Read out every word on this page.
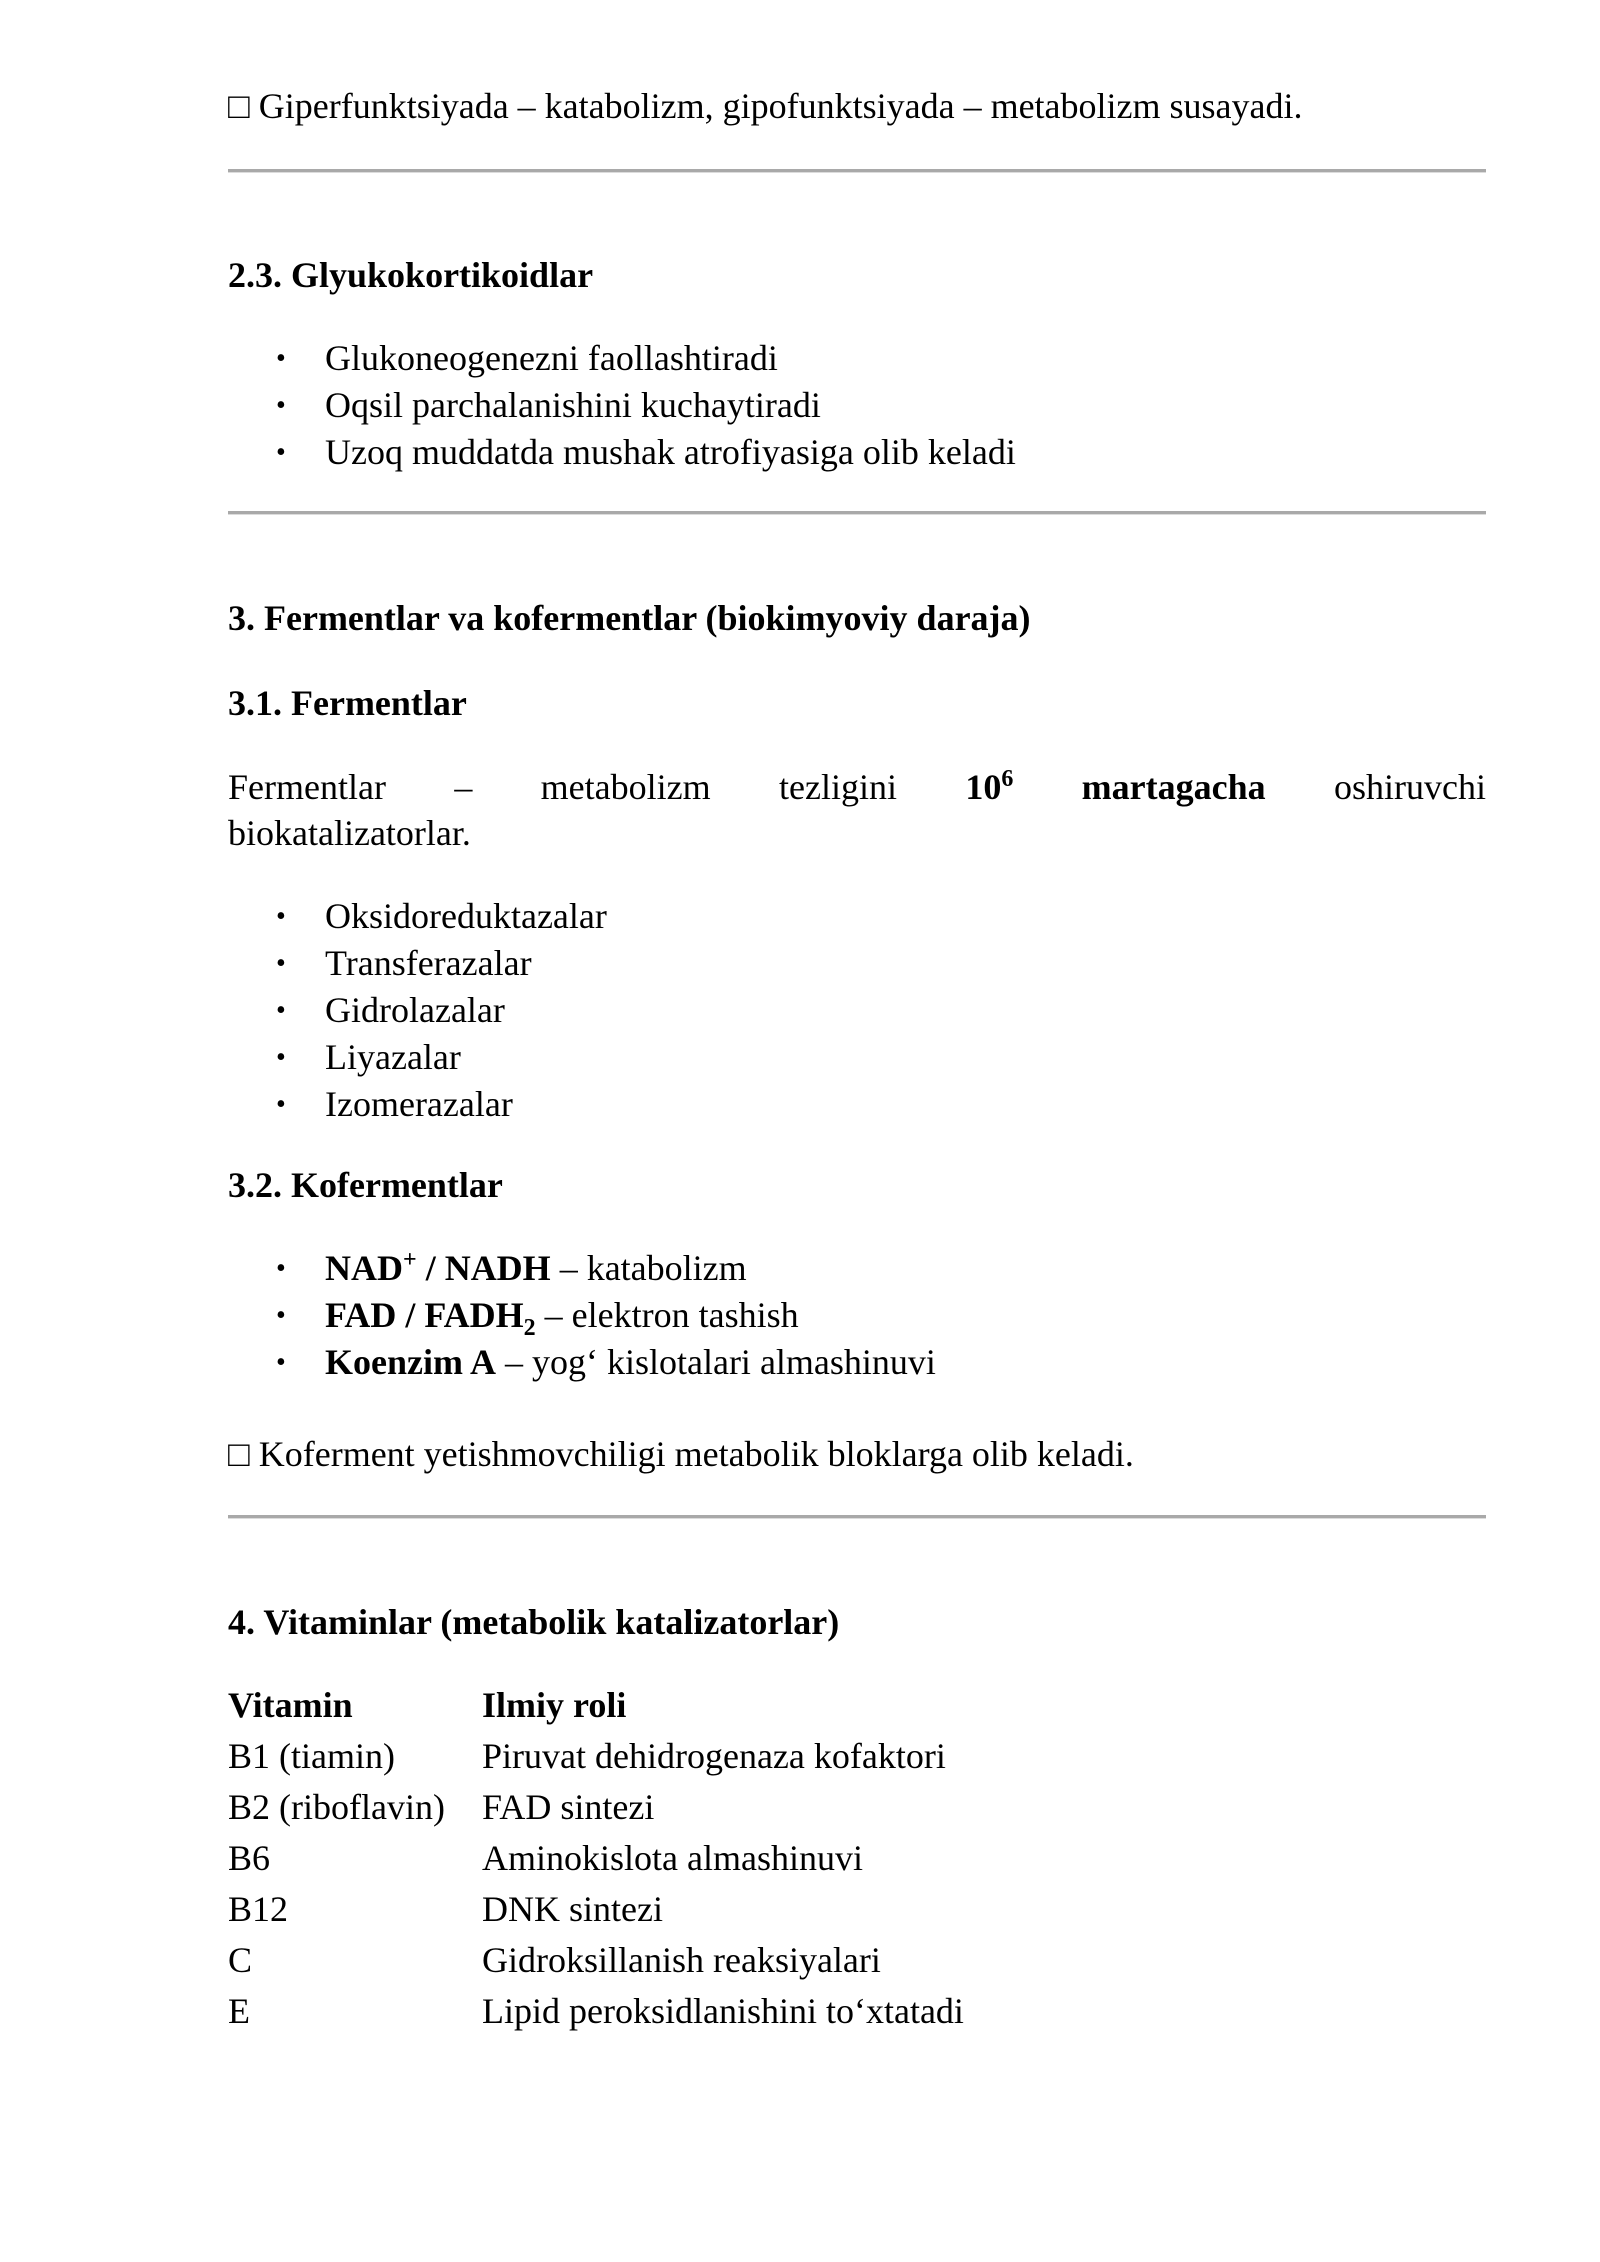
□ Giperfunktsiyada – katabolizm, gipofunktsiyada – metabolizm susayadi.

2.3. Glyukokortikoidlar
• Glukoneogenezni faollashtiradi
• Oqsil parchalanishini kuchaytiradi
• Uzoq muddatda mushak atrofiyasiga olib keladi
3. Fermentlar va kofermentlar (biokimyoviy daraja)
3.1. Fermentlar
Fermentlar – metabolizm tezligini $10^6$ martagacha oshiruvchi
biokatalizatorlar.
• Oksidoreduktazalar
• Transferazalar
• Gidrolazalar
• Liyazalar
• Izomerazalar
3.2. Kofermentlar
• NAD+ / NADH – katabolizm
• FAD / $FADH_2$ – elektron tashish
• Koenzim A – yog‘ kislotalari almashinuvi

□ Koferment yetishmovchiligi metabolik bloklarga olib keladi.

4. Vitaminlar (metabolik katalizatorlar)
Vitamin	Ilmiy roli
B1 (tiamin)	Piruvat dehidrogenaza kofaktori
B2 (riboflavin)	FAD sintezi
B6	Aminokislota almashinuvi
B12	DNK sintezi
C	Gidroksillanish reaksiyalari
E	Lipid peroksidlanishini to‘xtatadi
